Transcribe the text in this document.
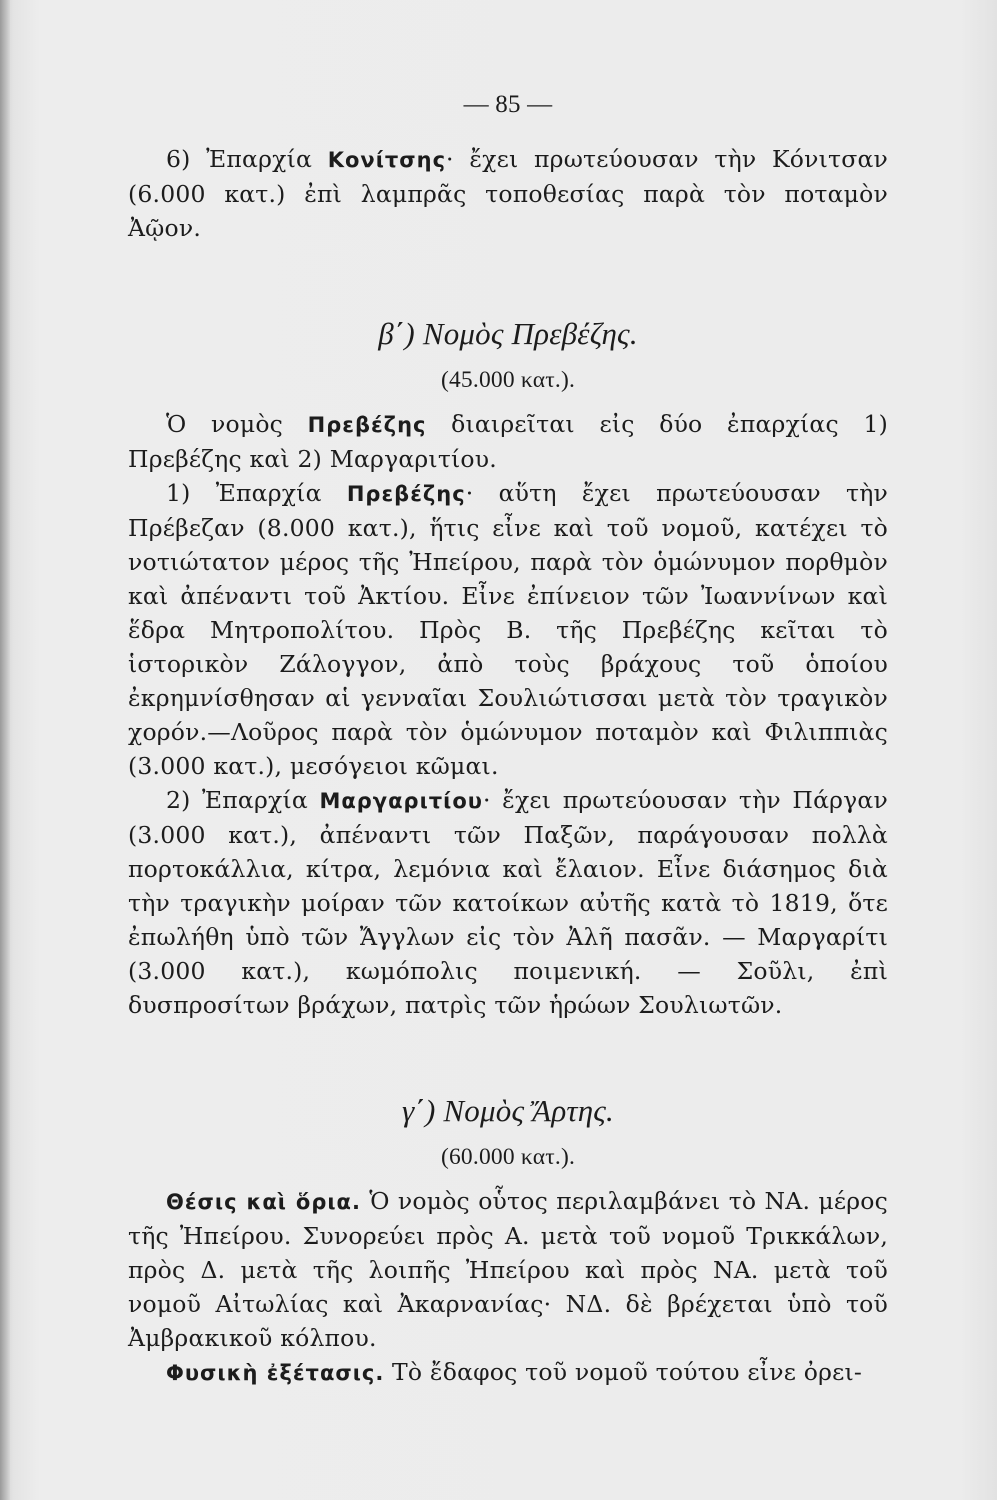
— 85 —

6) Ἐπαρχία Κονίτσης· ἔχει πρωτεύουσαν τὴν Κόνιτσαν (6.000 κατ.) ἐπὶ λαμπρᾶς τοποθεσίας παρὰ τὸν ποταμὸν Ἀῷον.

β΄) Νομὸς Πρεβέζης.
(45.000 κατ.).

Ὁ νομὸς Πρεβέζης διαιρεῖται εἰς δύο ἐπαρχίας 1) Πρεβέζης καὶ 2) Μαργαριτίου.

1) Ἐπαρχία Πρεβέζης· αὕτη ἔχει πρωτεύουσαν τὴν Πρέβεζαν (8.000 κατ.), ἥτις εἶνε καὶ τοῦ νομοῦ, κατέχει τὸ νοτιώτατον μέρος τῆς Ἠπείρου, παρὰ τὸν ὁμώνυμον πορθμὸν καὶ ἀπέναντι τοῦ Ἀκτίου. Εἶνε ἐπίνειον τῶν Ἰωαννίνων καὶ ἕδρα Μητροπολίτου. Πρὸς Β. τῆς Πρεβέζης κεῖται τὸ ἱστορικὸν Ζάλογγον, ἀπὸ τοὺς βράχους τοῦ ὁποίου ἐκρημνίσθησαν αἱ γενναῖαι Σουλιώτισσαι μετὰ τὸν τραγικὸν χορόν.—Λοῦρος παρὰ τὸν ὁμώνυμον ποταμὸν καὶ Φιλιππιὰς (3.000 κατ.), μεσόγειοι κῶμαι.

2) Ἐπαρχία Μαργαριτίου· ἔχει πρωτεύουσαν τὴν Πάργαν (3.000 κατ.), ἀπέναντι τῶν Παξῶν, παράγουσαν πολλὰ πορτοκάλλια, κίτρα, λεμόνια καὶ ἔλαιον. Εἶνε διάσημος διὰ τὴν τραγικὴν μοίραν τῶν κατοίκων αὐτῆς κατὰ τὸ 1819, ὅτε ἐπωλήθη ὑπὸ τῶν Ἄγγλων εἰς τὸν Ἀλῆ πασᾶν. — Μαργαρίτι (3.000 κατ.), κωμόπολις ποιμενική. — Σοῦλι, ἐπὶ δυσπροσίτων βράχων, πατρὶς τῶν ἡρώων Σουλιωτῶν.

γ΄) Νομὸς Ἄρτης.
(60.000 κατ.).

Θέσις καὶ ὅρια. Ὁ νομὸς οὗτος περιλαμβάνει τὸ ΝΑ. μέρος τῆς Ἠπείρου. Συνορεύει πρὸς Α. μετὰ τοῦ νομοῦ Τρικκάλων, πρὸς Δ. μετὰ τῆς λοιπῆς Ἠπείρου καὶ πρὸς ΝΑ. μετὰ τοῦ νομοῦ Αἰτωλίας καὶ Ἀκαρνανίας· ΝΔ. δὲ βρέχεται ὑπὸ τοῦ Ἀμβρακικοῦ κόλπου.

Φυσικὴ ἐξέτασις. Τὸ ἔδαφος τοῦ νομοῦ τούτου εἶνε ὀρει-
